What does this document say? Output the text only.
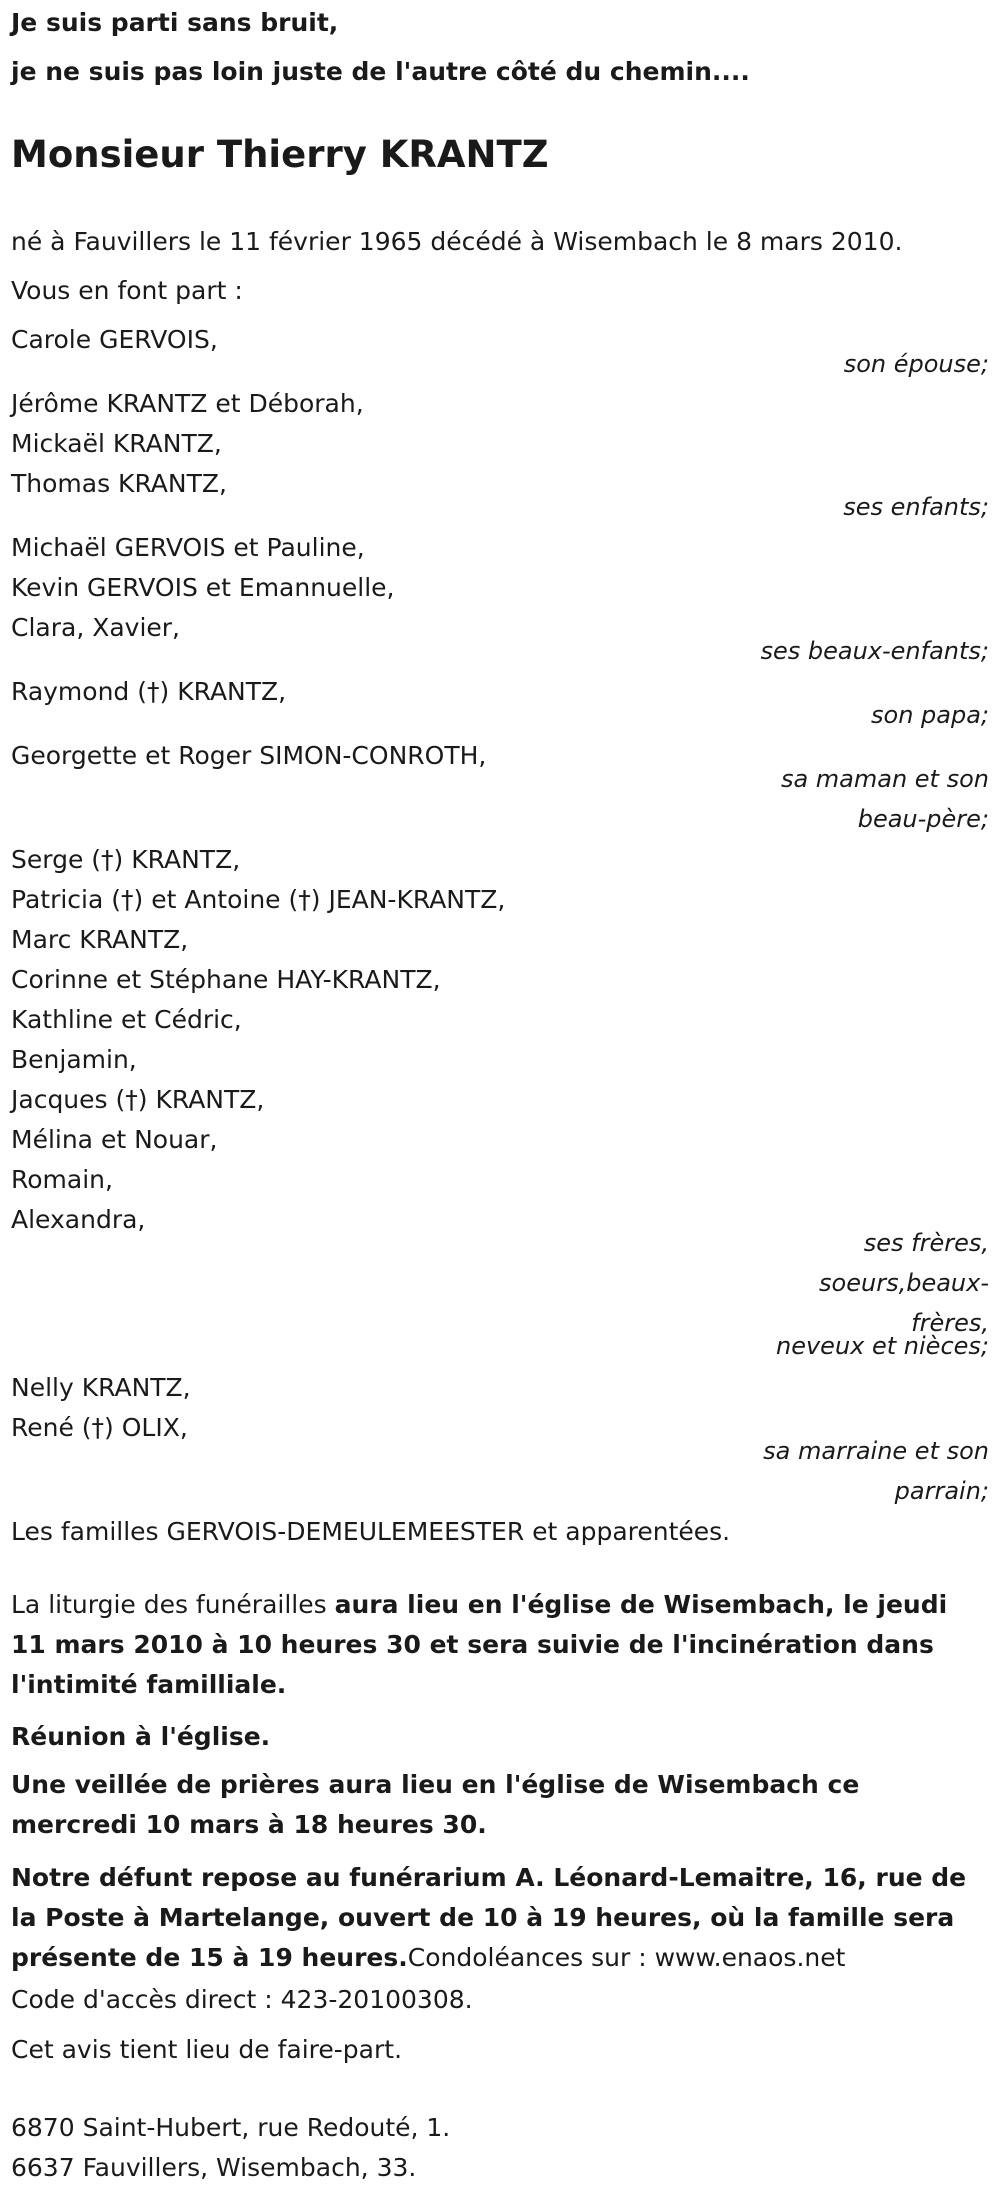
Je suis parti sans bruit,
je ne suis pas loin juste de l'autre côté du chemin....
Monsieur Thierry KRANTZ
né à Fauvillers le 11 février 1965 décédé à Wisembach le 8 mars 2010.
Vous en font part :
Carole GERVOIS,
son épouse;
Jérôme KRANTZ et Déborah,
Mickaël KRANTZ,
Thomas KRANTZ,
ses enfants;
Michaël GERVOIS et Pauline,
Kevin GERVOIS et Emannuelle,
Clara, Xavier,
ses beaux-enfants;
Raymond (†) KRANTZ,
son papa;
Georgette et Roger SIMON-CONROTH,
sa maman et son
beau-père;
Serge (†) KRANTZ,
Patricia (†) et Antoine (†) JEAN-KRANTZ,
Marc KRANTZ,
Corinne et Stéphane HAY-KRANTZ,
Kathline et Cédric,
Benjamin,
Jacques (†) KRANTZ,
Mélina et Nouar,
Romain,
Alexandra,
ses frères,
soeurs,beaux-
frères,
neveux et nièces;
Nelly KRANTZ,
René (†) OLIX,
sa marraine et son
parrain;
Les familles GERVOIS-DEMEULEMEESTER et apparentées.
La liturgie des funérailles aura lieu en l'église de Wisembach, le jeudi 11 mars 2010 à 10 heures 30 et sera suivie de l'incinération dans l'intimité familliale.
Réunion à l'église.
Une veillée de prières aura lieu en l'église de Wisembach ce mercredi 10 mars à 18 heures 30.
Notre défunt repose au funérarium A. Léonard-Lemaitre, 16, rue de la Poste à Martelange, ouvert de 10 à 19 heures, où la famille sera présente de 15 à 19 heures.Condoléances sur : www.enaos.net
Code d'accès direct : 423-20100308.
Cet avis tient lieu de faire-part.
6870 Saint-Hubert, rue Redouté, 1.
6637 Fauvillers, Wisembach, 33.
